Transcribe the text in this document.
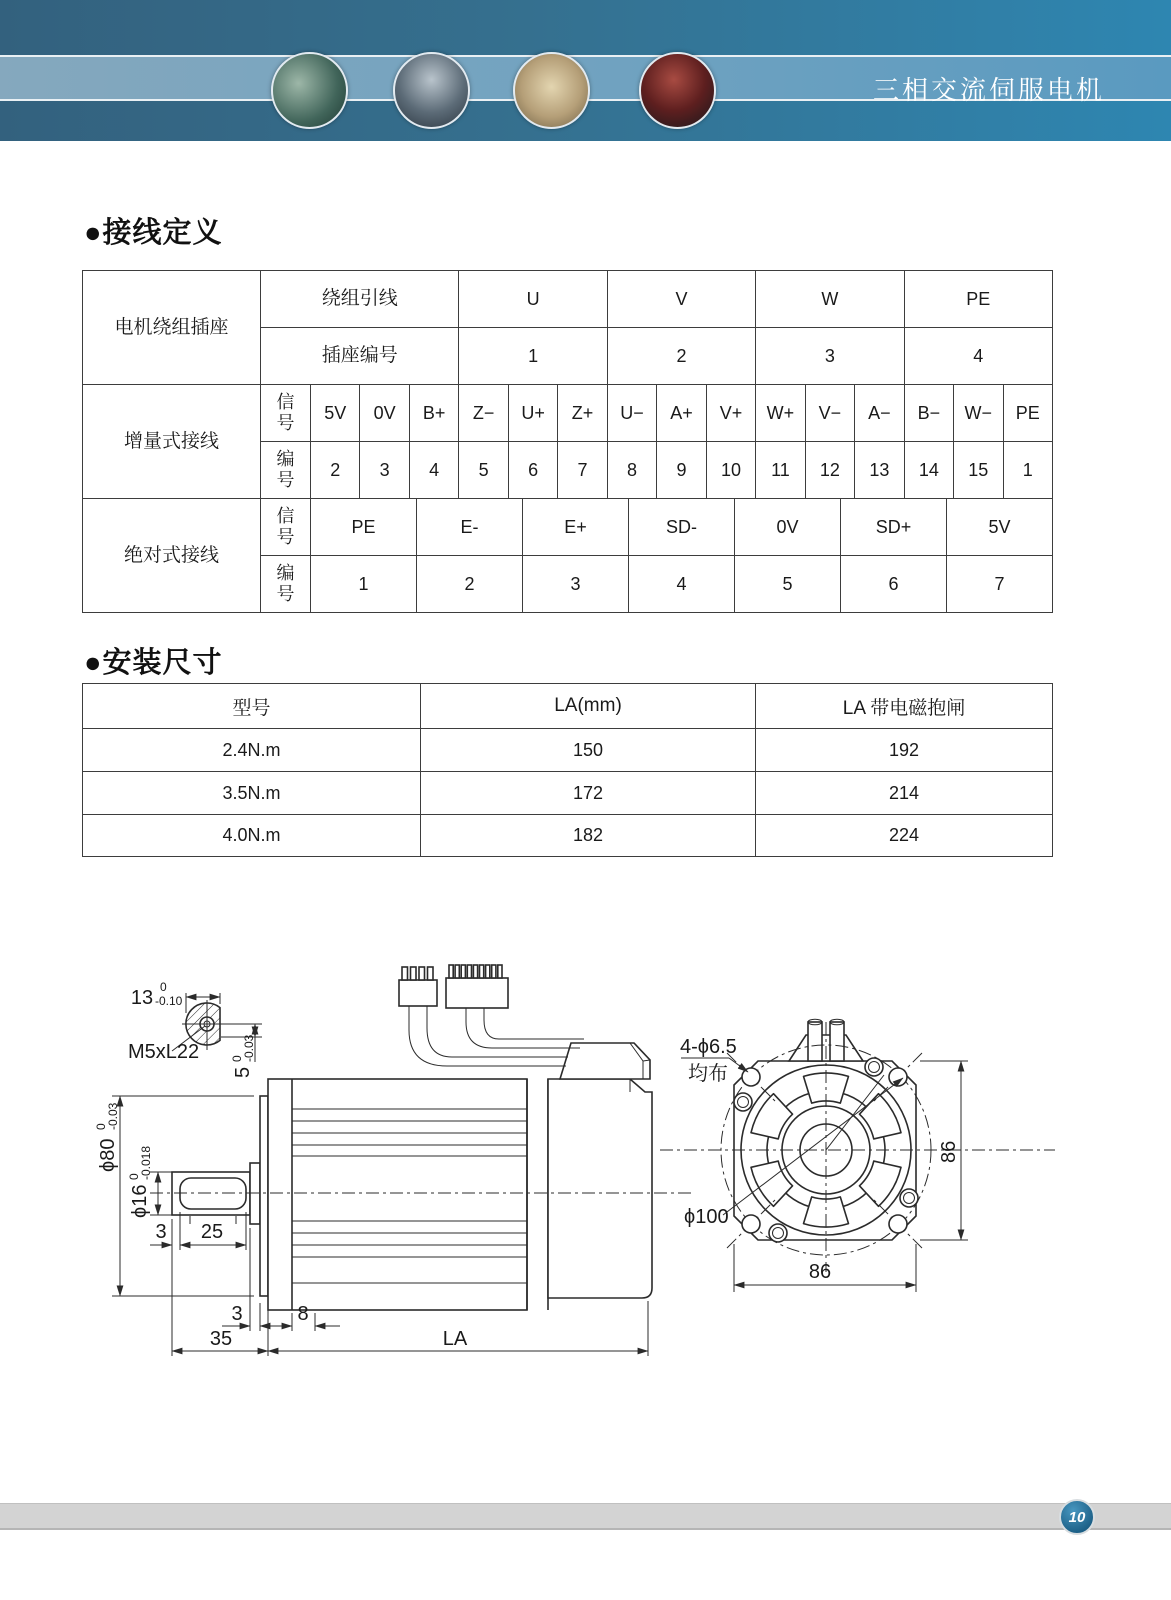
三相交流伺服电机
●接线定义
●安装尺寸
电机绕组插座
绕组引线	U	V	W	PE
插座编号	1	2	3	4
增量式接线
信号
5V	0V	B+	Z−	U+	Z+	U−	A+	V+	W+	V−	A−	B−	W−	PE
编号
2	3	4	5	6	7	8	9	10	11	12	13	14	15	1
绝对式接线
信号
PE	E-	E+	SD-	0V	SD+	5V
编号
1	2	3	4	5	6	7
型号	LA(mm)	LA 带电磁抱闸
2.4N.m	150	192
3.5N.m	172	214
4.0N.m	182	224
13 0
-0.10
5
0
-0.03
M5xL22
ϕ80
0
-0.03
ϕ16
0
-0.018
3 25
3	8
35	LA
4-ϕ6.5
均布
ϕ100
86
86
10
